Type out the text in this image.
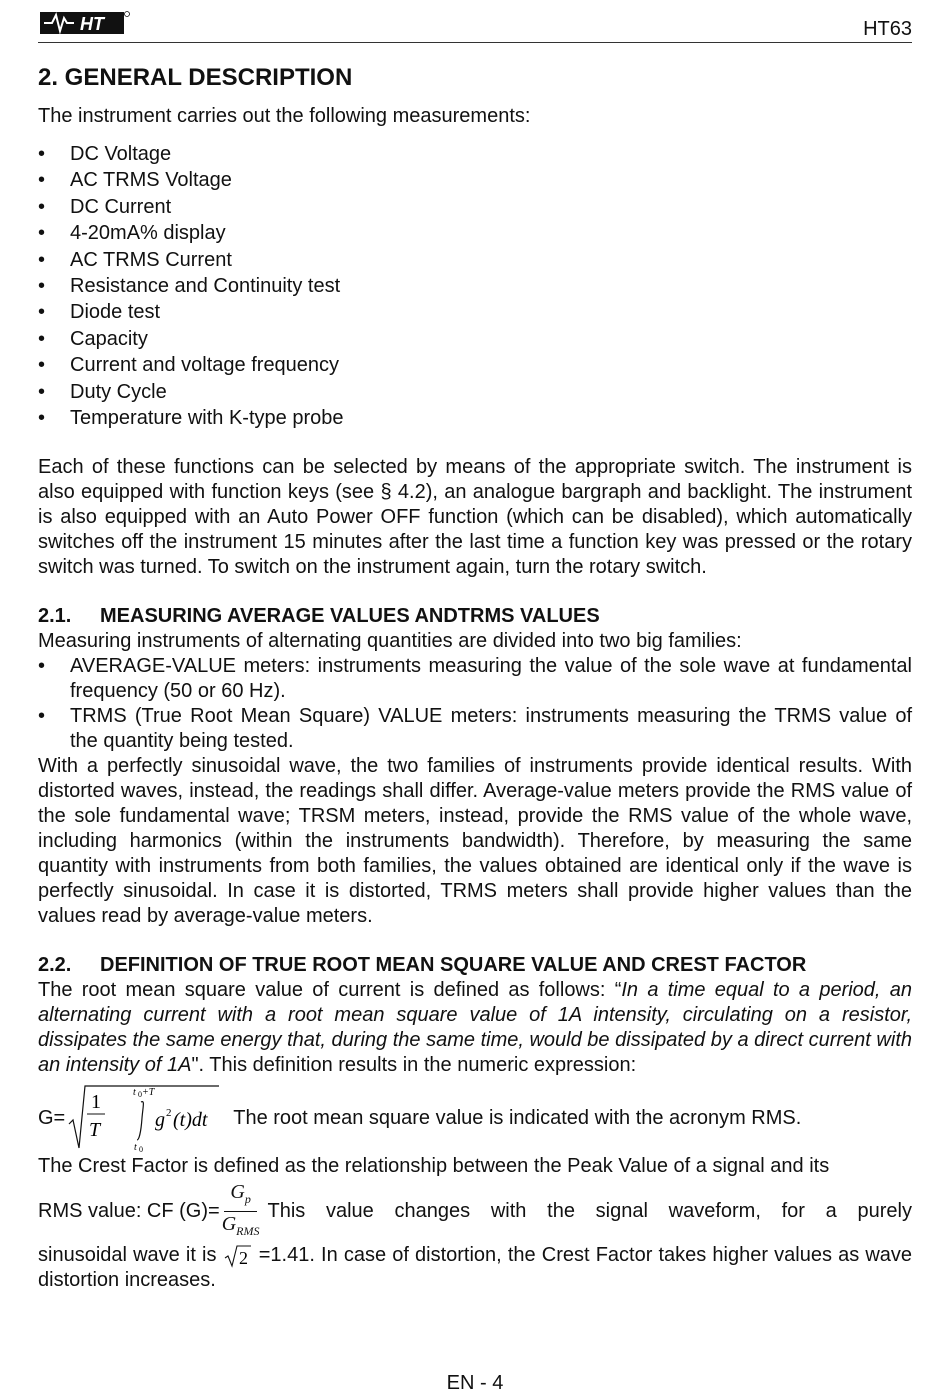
HT	HT63
2. GENERAL DESCRIPTION

The instrument carries out the following measurements:

• DC Voltage
• AC TRMS Voltage
• DC Current
• 4-20mA% display
• AC TRMS Current
• Resistance and Continuity test
• Diode test
• Capacity
• Current and voltage frequency
• Duty Cycle
• Temperature with K-type probe

Each of these functions can be selected by means of the appropriate switch. The instrument is also equipped with function keys (see § 4.2), an analogue bargraph and backlight. The instrument is also equipped with an Auto Power OFF function (which can be disabled), which automatically switches off the instrument 15 minutes after the last time a function key was pressed or the rotary switch was turned. To switch on the instrument again, turn the rotary switch.

2.1. MEASURING AVERAGE VALUES ANDTRMS VALUES

Measuring instruments of alternating quantities are divided into two big families:

• AVERAGE-VALUE meters: instruments measuring the value of the sole wave at fundamental frequency (50 or 60 Hz).
• TRMS (True Root Mean Square) VALUE meters: instruments measuring the TRMS value of the quantity being tested.

With a perfectly sinusoidal wave, the two families of instruments provide identical results. With distorted waves, instead, the readings shall differ. Average-value meters provide the RMS value of the sole fundamental wave; TRSM meters, instead, provide the RMS value of the whole wave, including harmonics (within the instruments bandwidth). Therefore, by measuring the same quantity with instruments from both families, the values obtained are identical only if the wave is perfectly sinusoidal. In case it is distorted, TRMS meters shall provide higher values than the values read by average-value meters.

2.2. DEFINITION OF TRUE ROOT MEAN SQUARE VALUE AND CREST FACTOR

The root mean square value of current is defined as follows: “In a time equal to a period, an alternating current with a root mean square value of 1A intensity, circulating on a resistor, dissipates the same energy that, during the same time, would be dissipated by a direct current with an intensity of 1A". This definition results in the numeric expression:

G=
1
T
t 0 +T
t 0
g 2 (t)dt The root mean square value is indicated with the acronym RMS.

The Crest Factor is defined as the relationship between the Peak Value of a signal and its

RMS value: CF $(G)= \frac{G_p}{G_{RMS}}$ This value changes with the signal waveform, for a purely

sinusoidal wave it is 2 =1.41. In case of distortion, the Crest Factor takes higher values as wave distortion increases.

EN - 4
